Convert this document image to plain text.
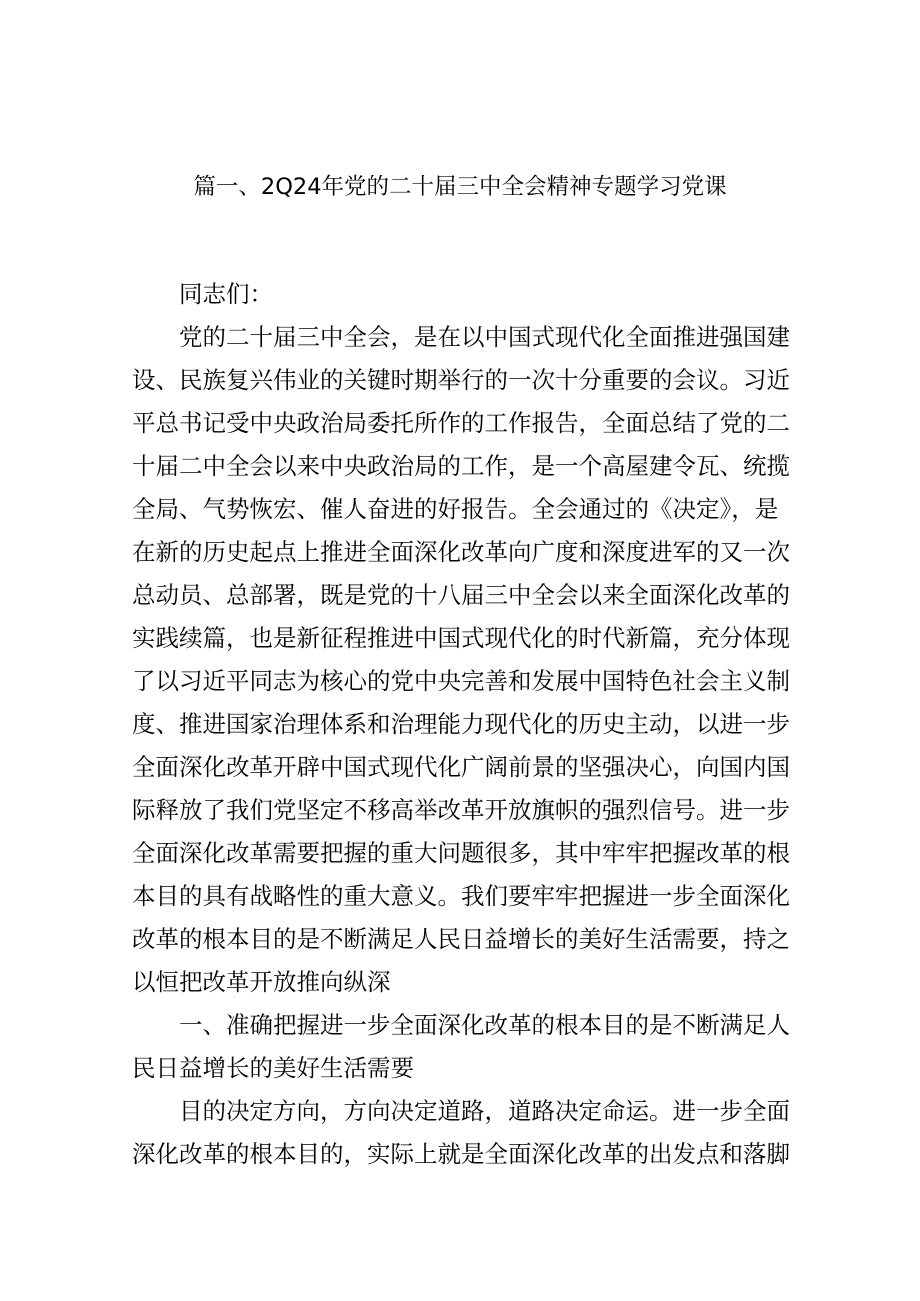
篇一、2Q24年党的二十届三中全会精神专题学习党课
同志们：
党的二十届三中全会，是在以中国式现代化全面推进强国建
设、民族复兴伟业的关键时期举行的一次十分重要的会议。习近
平总书记受中央政治局委托所作的工作报告，全面总结了党的二
十届二中全会以来中央政治局的工作，是一个高屋建令瓦、统揽
全局、气势恢宏、催人奋进的好报告。全会通过的《决定》，是
在新的历史起点上推进全面深化改革向广度和深度进军的又一次
总动员、总部署，既是党的十八届三中全会以来全面深化改革的
实践续篇，也是新征程推进中国式现代化的时代新篇，充分体现
了以习近平同志为核心的党中央完善和发展中国特色社会主义制
度、推进国家治理体系和治理能力现代化的历史主动，以进一步
全面深化改革开辟中国式现代化广阔前景的坚强决心，向国内国
际释放了我们党坚定不移高举改革开放旗帜的强烈信号。进一步
全面深化改革需要把握的重大问题很多，其中牢牢把握改革的根
本目的具有战略性的重大意义。我们要牢牢把握进一步全面深化
改革的根本目的是不断满足人民日益增长的美好生活需要，持之
以恒把改革开放推向纵深
一、准确把握进一步全面深化改革的根本目的是不断满足人
民日益增长的美好生活需要
目的决定方向，方向决定道路，道路决定命运。进一步全面
深化改革的根本目的，实际上就是全面深化改革的出发点和落脚
